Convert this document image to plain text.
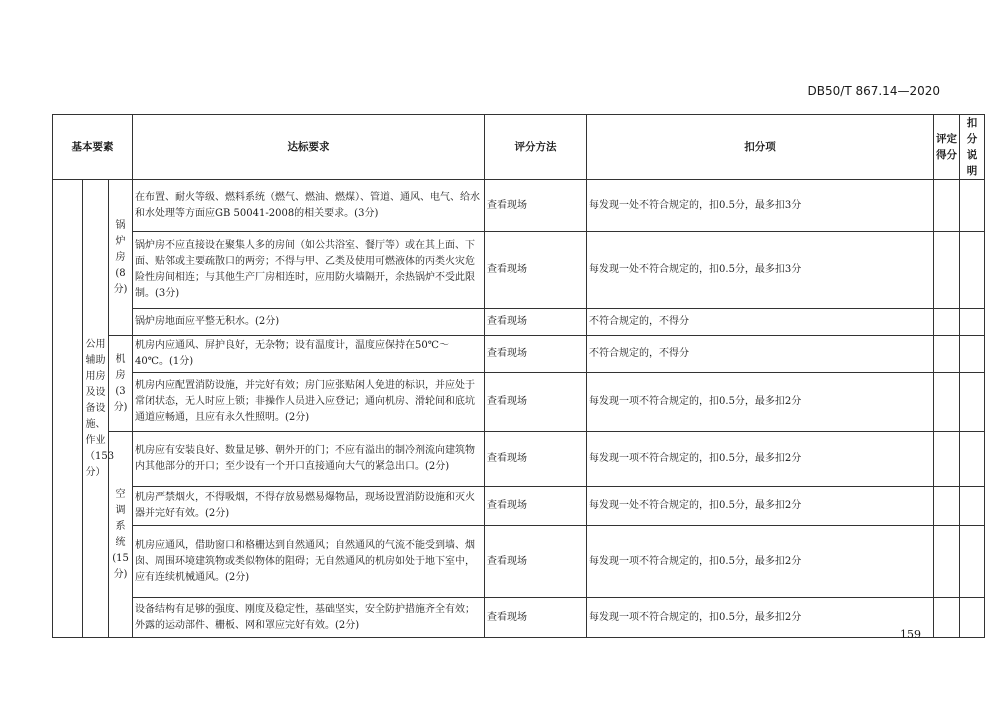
DB50/T 867.14—2020
基本要素			达标要求	评分方法	扣分项	评定得分	扣分说明
	公用辅助用房及设备设施、作业（153分）	锅炉房(8分)	在布置、耐火等级、燃料系统（燃气、燃油、燃煤）、管道、通风、电气、给水和水处理等方面应GB 50041-2008的相关要求。(3分)	查看现场	每发现一处不符合规定的，扣0.5分，最多扣3分		
			锅炉房不应直接设在聚集人多的房间（如公共浴室、餐厅等）或在其上面、下面、贴邻或主要疏散口的两旁；不得与甲、乙类及使用可燃液体的丙类火灾危险性房间相连；与其他生产厂房相连时，应用防火墙隔开，余热锅炉不受此限制。(3分)	查看现场	每发现一处不符合规定的，扣0.5分，最多扣3分		
			锅炉房地面应平整无积水。(2分)	查看现场	不符合规定的，不得分		
		机房(3分)	机房内应通风、屏护良好，无杂物；设有温度计，温度应保持在50℃～40℃。(1分)	查看现场	不符合规定的，不得分		
			机房内应配置消防设施，并完好有效；房门应张贴闲人免进的标识，并应处于常闭状态，无人时应上锁；非操作人员进入应登记；通向机房、滑轮间和底坑通道应畅通，且应有永久性照明。(2分)	查看现场	每发现一项不符合规定的，扣0.5分，最多扣2分		
		空调系统(15分)	机房应有安装良好、数量足够、朝外开的门；不应有溢出的制冷剂流向建筑物内其他部分的开口；至少设有一个开口直接通向大气的紧急出口。(2分)	查看现场	每发现一项不符合规定的，扣0.5分，最多扣2分		
			机房严禁烟火，不得吸烟，不得存放易燃易爆物品，现场设置消防设施和灭火器并完好有效。(2分)	查看现场	每发现一处不符合规定的，扣0.5分，最多扣2分		
			机房应通风，借助窗口和格栅达到自然通风；自然通风的气流不能受到墙、烟囱、周围环境建筑物或类似物体的阻碍；无自然通风的机房如处于地下室中，应有连续机械通风。(2分)	查看现场	每发现一项不符合规定的，扣0.5分，最多扣2分		
			设备结构有足够的强度、刚度及稳定性，基础坚实，安全防护措施齐全有效；外露的运动部件、栅板、网和罩应完好有效。(2分)	查看现场	每发现一项不符合规定的，扣0.5分，最多扣2分		
159
